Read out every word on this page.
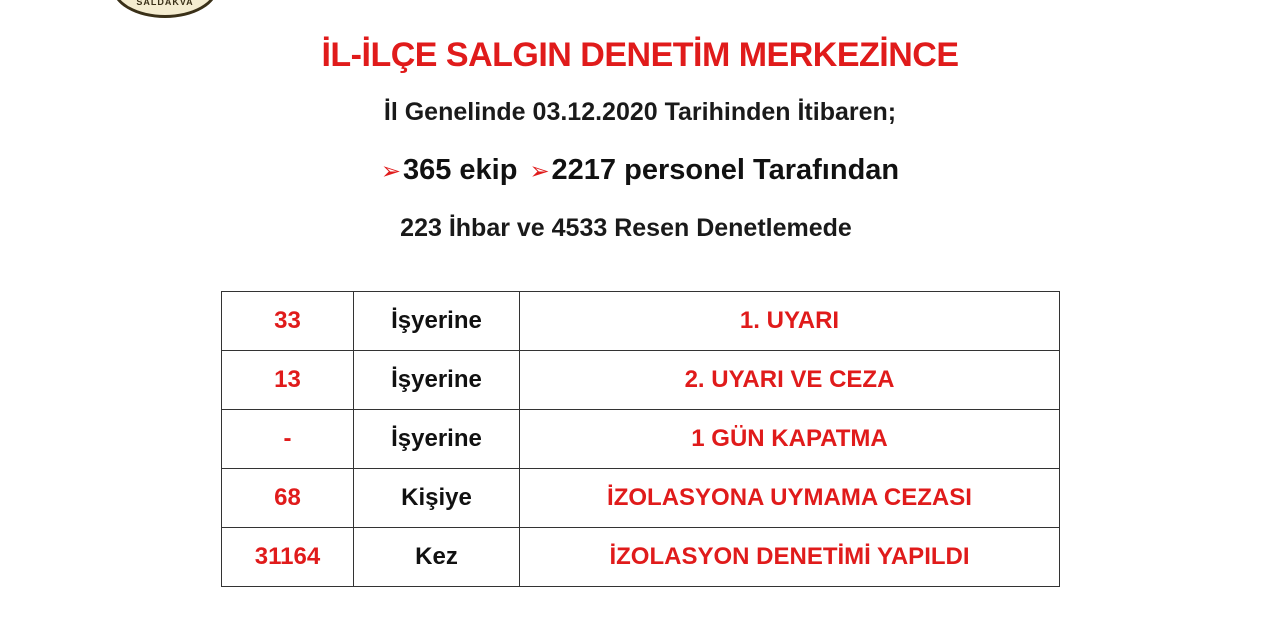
SALDAKVA
İL-İLÇE SALGIN DENETİM MERKEZİNCE
İl Genelinde 03.12.2020 Tarihinden İtibaren;
➢365 ekip ➢2217 personel Tarafından
223 İhbar ve 4533 Resen Denetlemede
33	İşyerine	1. UYARI
13	İşyerine	2. UYARI VE CEZA
-	İşyerine	1 GÜN KAPATMA
68	Kişiye	İZOLASYONA UYMAMA CEZASI
31164	Kez	İZOLASYON DENETİMİ YAPILDI
